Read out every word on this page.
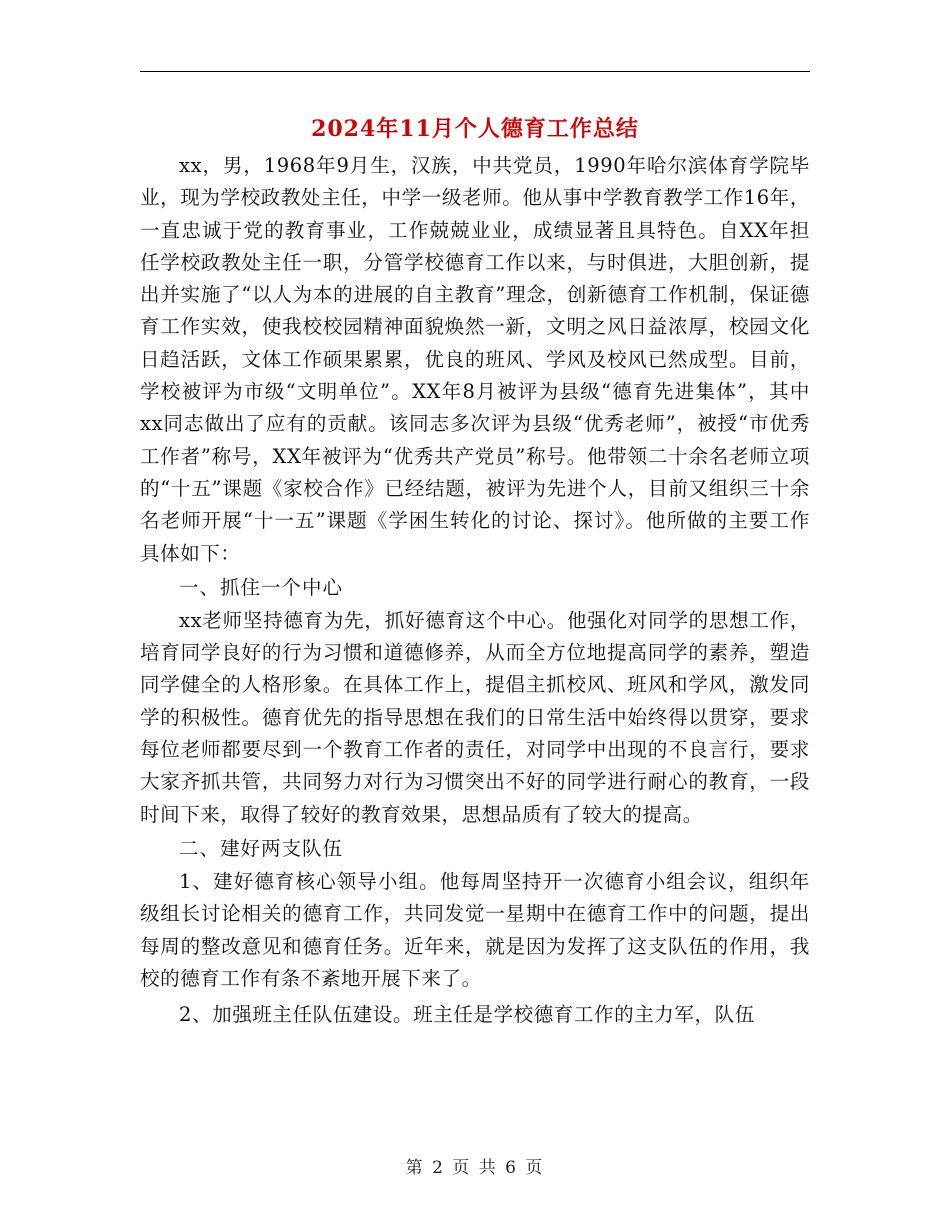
2024年11月个人德育工作总结

xx，男，1968年9月生，汉族，中共党员，1990年哈尔滨体育学院毕业，现为学校政教处主任，中学一级老师。他从事中学教育教学工作16年，一直忠诚于党的教育事业，工作兢兢业业，成绩显著且具特色。自XX年担任学校政教处主任一职，分管学校德育工作以来，与时俱进，大胆创新，提出并实施了“以人为本的进展的自主教育”理念，创新德育工作机制，保证德育工作实效，使我校校园精神面貌焕然一新，文明之风日益浓厚，校园文化日趋活跃，文体工作硕果累累，优良的班风、学风及校风已然成型。目前，学校被评为市级“文明单位”。XX年8月被评为县级“德育先进集体”，其中xx同志做出了应有的贡献。该同志多次评为县级“优秀老师”，被授“市优秀工作者”称号，XX年被评为“优秀共产党员”称号。他带领二十余名老师立项的“十五”课题《家校合作》已经结题，被评为先进个人，目前又组织三十余名老师开展“十一五”课题《学困生转化的讨论、探讨》。他所做的主要工作具体如下：

一、抓住一个中心

xx老师坚持德育为先，抓好德育这个中心。他强化对同学的思想工作，培育同学良好的行为习惯和道德修养，从而全方位地提高同学的素养，塑造同学健全的人格形象。在具体工作上，提倡主抓校风、班风和学风，激发同学的积极性。德育优先的指导思想在我们的日常生活中始终得以贯穿，要求每位老师都要尽到一个教育工作者的责任，对同学中出现的不良言行，要求大家齐抓共管，共同努力对行为习惯突出不好的同学进行耐心的教育，一段时间下来，取得了较好的教育效果，思想品质有了较大的提高。

二、建好两支队伍

1、建好德育核心领导小组。他每周坚持开一次德育小组会议，组织年级组长讨论相关的德育工作，共同发觉一星期中在德育工作中的问题，提出每周的整改意见和德育任务。近年来，就是因为发挥了这支队伍的作用，我校的德育工作有条不紊地开展下来了。

2、加强班主任队伍建设。班主任是学校德育工作的主力军，队伍

第 2 页 共 6 页
